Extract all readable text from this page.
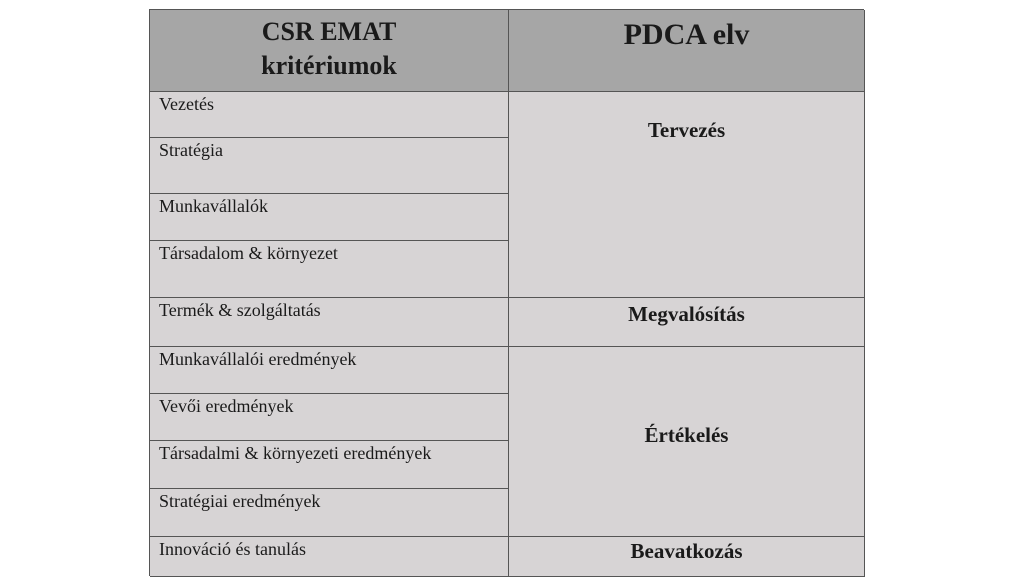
CSR EMAT
kritériumok
PDCA elv
Vezetés
Stratégia
Munkavállalók
Társadalom & környezet
Termék & szolgáltatás
Munkavállalói eredmények
Vevői eredmények
Társadalmi & környezeti eredmények
Stratégiai eredmények
Innováció és tanulás
Tervezés
Megvalósítás
Értékelés
Beavatkozás
